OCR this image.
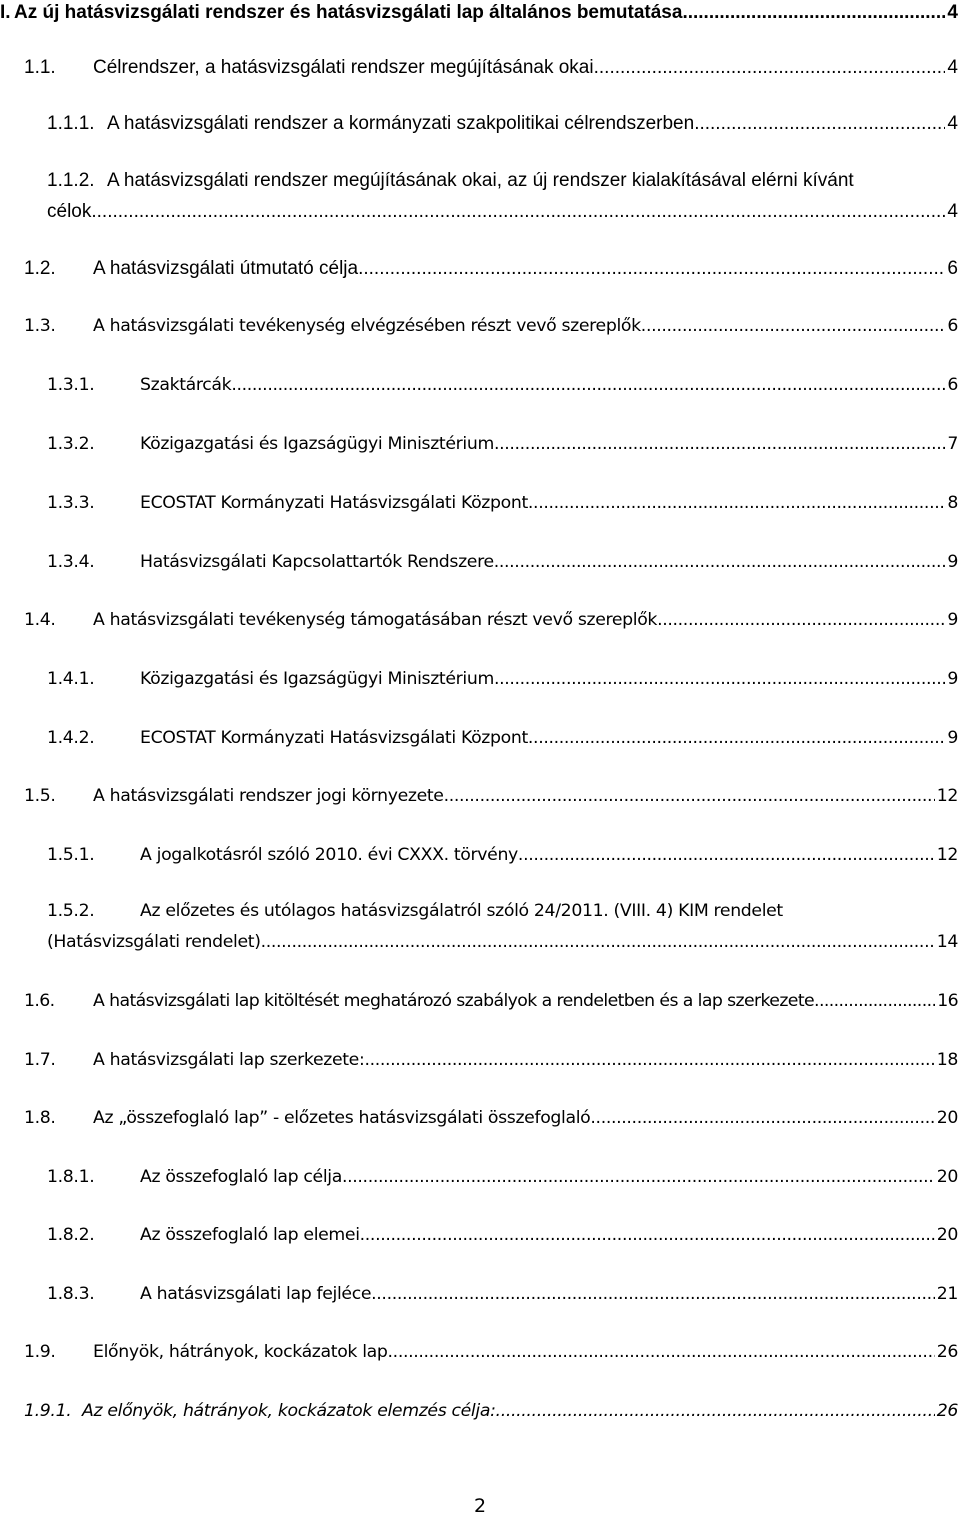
I. Az új hatásvizsgálati rendszer és hatásvizsgálati lap általános bemutatása .....	4
1.1.	Célrendszer, a hatásvizsgálati rendszer megújításának okai .....	4
1.1.1. A hatásvizsgálati rendszer a kormányzati szakpolitikai célrendszerben .....	4
1.1.2. A hatásvizsgálati rendszer megújításának okai, az új rendszer kialakításával elérni kívánt
célok .....	4
1.2.	A hatásvizsgálati útmutató célja .....	6
1.3.	A hatásvizsgálati tevékenység elvégzésében részt vevő szereplők .....	6
1.3.1.	Szaktárcák .....	6
1.3.2.	Közigazgatási és Igazságügyi Minisztérium .....	7
1.3.3.	ECOSTAT Kormányzati Hatásvizsgálati Központ .....	8
1.3.4.	Hatásvizsgálati Kapcsolattartók Rendszere .....	9
1.4.	A hatásvizsgálati tevékenység támogatásában részt vevő szereplők .....	9
1.4.1.	Közigazgatási és Igazságügyi Minisztérium .....	9
1.4.2.	ECOSTAT Kormányzati Hatásvizsgálati Központ .....	9
1.5.	A hatásvizsgálati rendszer jogi környezete .....	12
1.5.1.	A jogalkotásról szóló 2010. évi CXXX. törvény .....	12
1.5.2.	Az előzetes és utólagos hatásvizsgálatról szóló 24/2011. (VIII. 4) KIM rendelet
(Hatásvizsgálati rendelet) .....	14
1.6.	A hatásvizsgálati lap kitöltését meghatározó szabályok a rendeletben és a lap szerkezete .....	16
1.7.	A hatásvizsgálati lap szerkezete: .....	18
1.8.	Az „összefoglaló lap” - előzetes hatásvizsgálati összefoglaló .....	20
1.8.1.	Az összefoglaló lap célja .....	20
1.8.2.	Az összefoglaló lap elemei .....	20
1.8.3.	A hatásvizsgálati lap fejléce .....	21
1.9.	Előnyök, hátrányok, kockázatok lap .....	26
1.9.1. Az előnyök, hátrányok, kockázatok elemzés célja: .....	26
2
